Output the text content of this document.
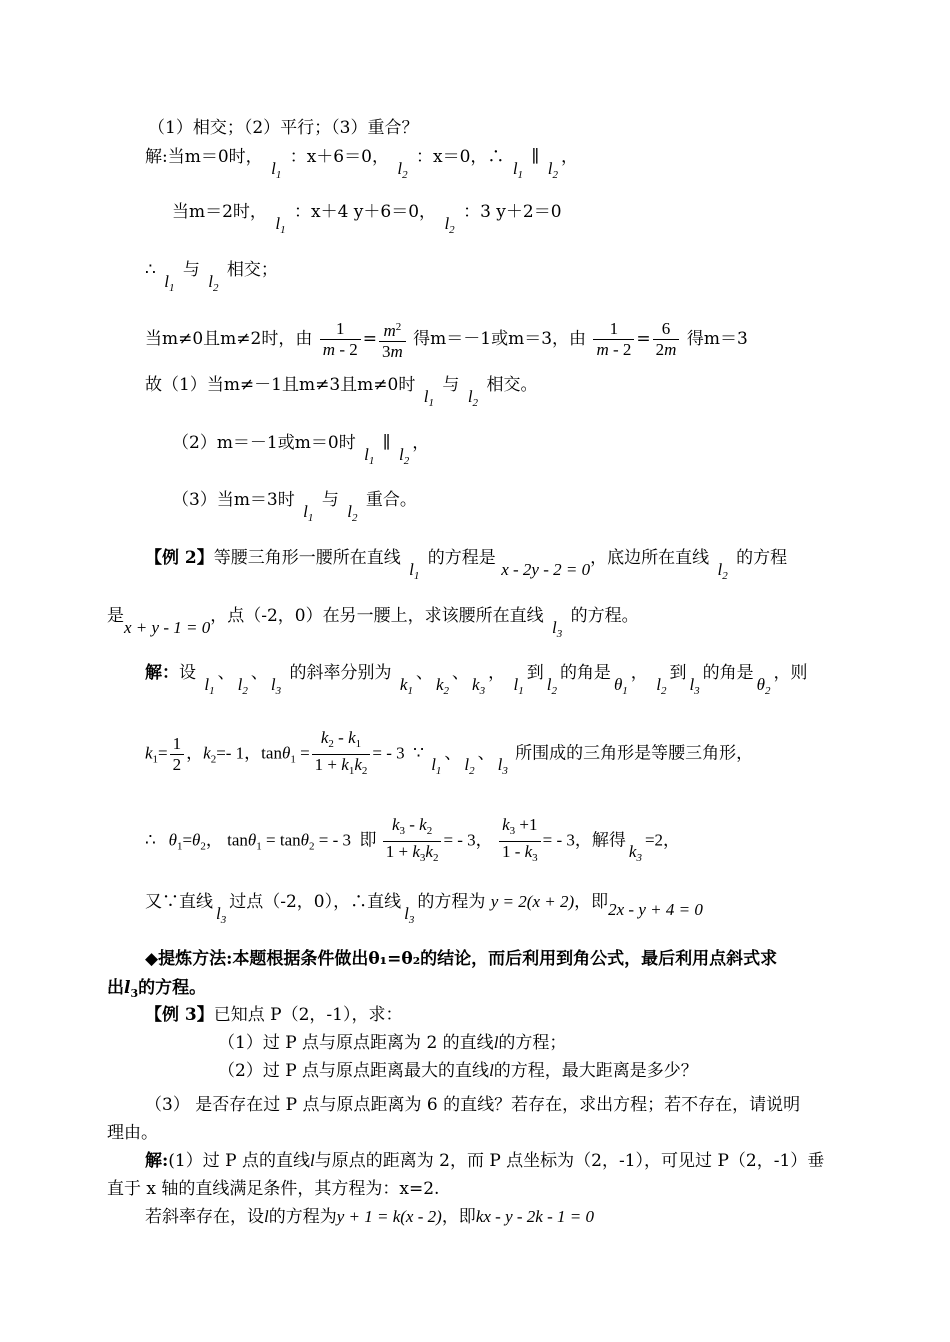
（1）相交；（2）平行；（3）重合？
解:当m＝0时， $l_1$ ：x＋6＝0， $l_2$ ：x＝0，∴ $l_1$ ∥ $l_2$，
当m＝2时， $l_1$ ：x＋4 y＋6＝0， $l_2$ ：3 y＋2＝0
∴ $l_1$ 与 $l_2$ 相交；
当m≠0且m≠2时，由 $\frac{1}{m - 2} = \frac{m^2}{3m}$ 得m＝－1或m＝3，由 $\frac{1}{m - 2} = \frac{6}{2m}$ 得m＝3
故（1）当m≠－1且m≠3且m≠0时 $l_1$ 与 $l_2$ 相交。
（2）m＝－1或m＝0时 $l_1$ ∥ $l_2$，
（3）当m＝3时 $l_1$ 与 $l_2$ 重合。
【例 2】等腰三角形一腰所在直线 $l_1$ 的方程是 x - 2y - 2 = 0，底边所在直线 $l_2$ 的方程
是x + y - 1 = 0，点（-2，0）在另一腰上，求该腰所在直线 $l_3$ 的方程。
解：设 $l_1$、$l_2$、$l_3$ 的斜率分别为 $k_1$、$k_2$、$k_3$， $l_1$到$l_2$的角是$\theta_1$， $l_2$到$l_3$的角是$\theta_2$，则
$k_1= \frac{1}{2}$ ，$k_2=-$ 1，$\tan\theta_1 = \frac{k_2 - k_1}{1 + k_1k_2}$ = - 3  ∵ $l_1$、$l_2$、$l_3$ 所围成的三角形是等腰三角形，
∴   $\theta_1=\theta_2$， tanθ$_1$ = tanθ$_2$ = - 3  即 $\frac{k_3 - k_2}{1 + k_3k_2}$ = - 3， $\frac{k_3 +1}{1 - k_3}$ = - 3，解得$k_3=2$，
又∵直线$l_3$过点（-2，0），∴直线$l_3$的方程为 y = 2(x + 2)，即2x - y + 4 = 0
◆提炼方法:本题根据条件做出θ₁=θ₂的结论，而后利用到角公式，最后利用点斜式求
出$l_3$的方程。
【例 3】已知点 P（2，-1），求：
（1）过 P 点与原点距离为 2 的直线l的方程；
（2）过 P 点与原点距离最大的直线l的方程，最大距离是多少？
（3） 是否存在过 P 点与原点距离为 6 的直线？若存在，求出方程；若不存在，请说明
理由。
解:(1）过 P 点的直线l与原点的距离为 2，而 P 点坐标为（2，-1），可见过 P（2，-1）垂
直于 x 轴的直线满足条件，其方程为：x=2.
若斜率存在，设l的方程为y + 1 = k(x - 2)，即kx - y - 2k - 1 = 0
